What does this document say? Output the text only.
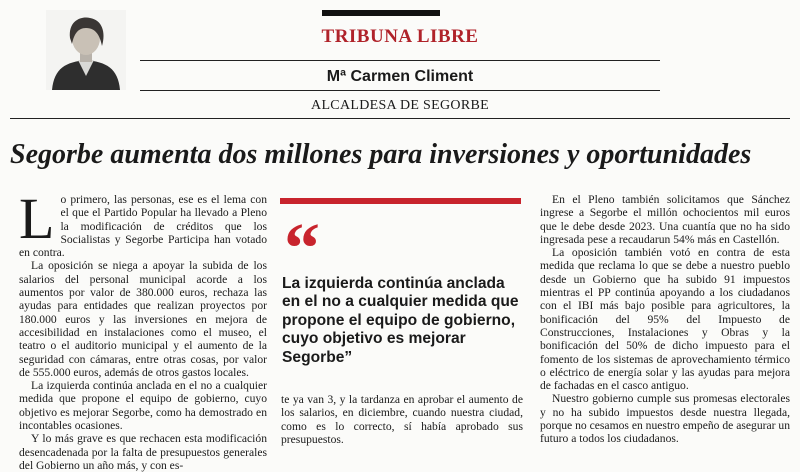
TRIBUNA LIBRE
Mª Carmen Climent
ALCALDESA DE SEGORBE
Segorbe aumenta dos millones para inversiones y oportunidades

Lo primero, las personas, ese es el lema con el que el Partido Popular ha llevado a Pleno la modificación de créditos que los Socialistas y Segorbe Participa han votado en contra.

La oposición se niega a apoyar la subida de los salarios del personal municipal acorde a los aumentos por valor de 380.000 euros, rechaza las ayudas para entidades que realizan proyectos por 180.000 euros y las inversiones en mejora de accesibilidad en instalaciones como el museo, el teatro o el auditorio municipal y el aumento de la seguridad con cámaras, entre otras cosas, por valor de 555.000 euros, además de otros gastos locales.

La izquierda continúa anclada en el no a cualquier medida que propone el equipo de gobierno, cuyo objetivo es mejorar Segorbe, como ha demostrado en incontables ocasiones.

Y lo más grave es que rechacen esta modificación desencadenada por la falta de presupuestos generales del Gobierno un año más, y con es-

“
La izquierda continúa anclada en el no a cualquier medida que propone el equipo de gobierno, cuyo objetivo es mejorar Segorbe”

te ya van 3, y la tardanza en aprobar el aumento de los salarios, en diciembre, cuando nuestra ciudad, como es lo correcto, sí había aprobado sus presupuestos.

En el Pleno también solicitamos que Sánchez ingrese a Segorbe el millón ochocientos mil euros que le debe desde 2023. Una cuantía que no ha sido ingresada pese a recaudarun 54% más en Castellón.

La oposición también votó en contra de esta medida que reclama lo que se debe a nuestro pueblo desde un Gobierno que ha subido 91 impuestos mientras el PP continúa apoyando a los ciudadanos con el IBI más bajo posible para agricultores, la bonificación del 95% del Impuesto de Construcciones, Instalaciones y Obras y la bonificación del 50% de dicho impuesto para el fomento de los sistemas de aprovechamiento térmico o eléctrico de energía solar y las ayudas para mejora de fachadas en el casco antiguo.

Nuestro gobierno cumple sus promesas electorales y no ha subido impuestos desde nuestra llegada, porque no cesamos en nuestro empeño de asegurar un futuro a todos los ciudadanos.
